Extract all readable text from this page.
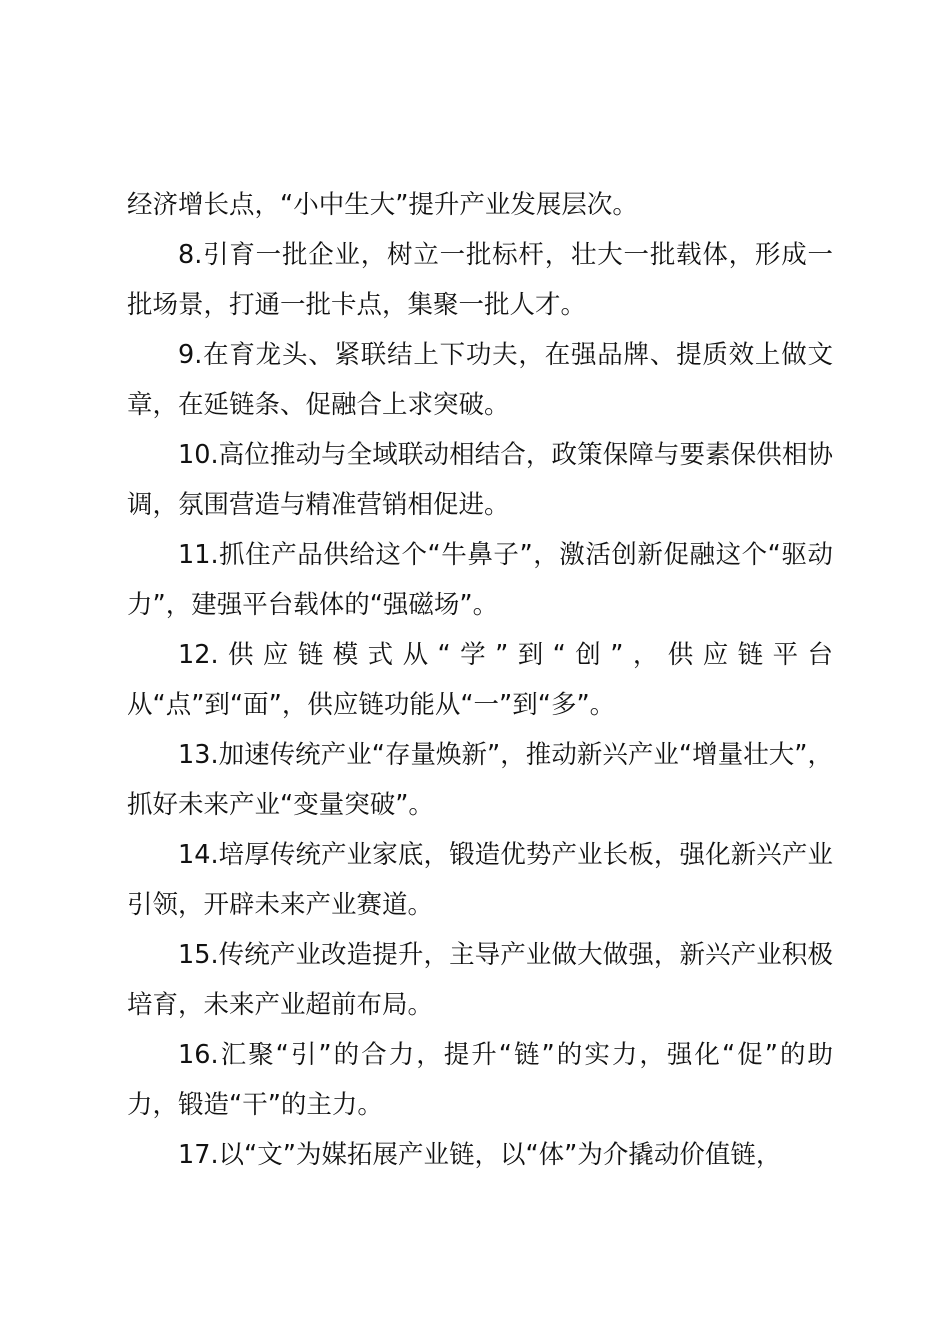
经济增长点，“小中生大”提升产业发展层次。

8.引育一批企业，树立一批标杆，壮大一批载体，形成一批场景，打通一批卡点，集聚一批人才。

9.在育龙头、紧联结上下功夫，在强品牌、提质效上做文章，在延链条、促融合上求突破。

10.高位推动与全域联动相结合，政策保障与要素保供相协调，氛围营造与精准营销相促进。

11.抓住产品供给这个“牛鼻子”，激活创新促融这个“驱动力”，建强平台载体的“强磁场”。

12.供应链模式从“学”到“创”，供应链平台从“点”到“面”，供应链功能从“一”到“多”。

13.加速传统产业“存量焕新”，推动新兴产业“增量壮大”，抓好未来产业“变量突破”。

14.培厚传统产业家底，锻造优势产业长板，强化新兴产业引领，开辟未来产业赛道。

15.传统产业改造提升，主导产业做大做强，新兴产业积极培育，未来产业超前布局。

16.汇聚“引”的合力，提升“链”的实力，强化“促”的助力，锻造“干”的主力。

17.以“文”为媒拓展产业链，以“体”为介撬动价值链，
